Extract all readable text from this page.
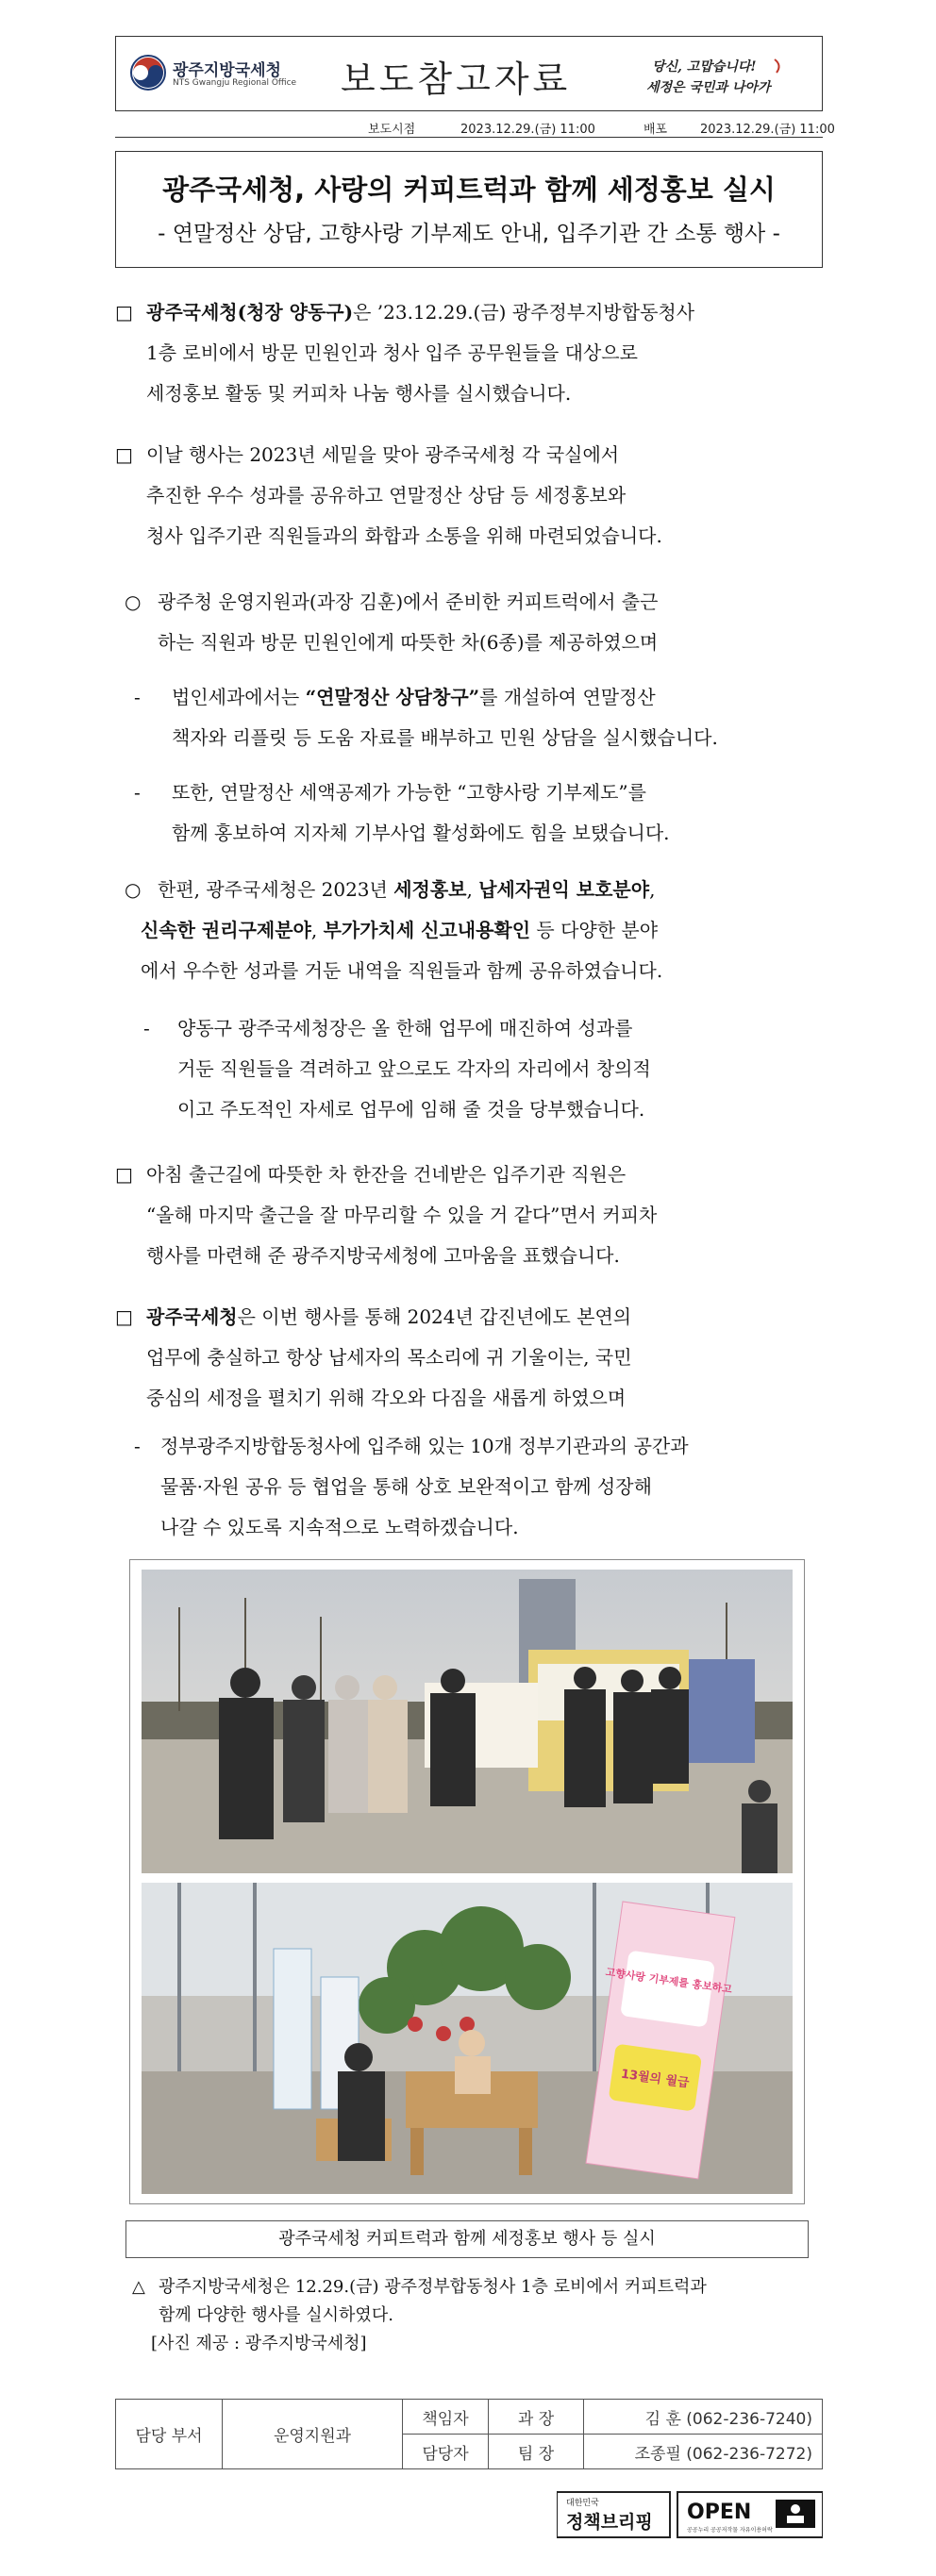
광주지방국세청
NTS Gwangju Regional Office 보도참고자료	당신, 고맙습니다!
세정은 국민과 나아가
보도시점	2023.12.29.(금) 11:00	배포	2023.12.29.(금) 11:00
광주국세청, 사랑의 커피트럭과 함께 세정홍보 실시
- 연말정산 상담, 고향사랑 기부제도 안내, 입주기관 간 소통 행사 -
□ 광주국세청(청장 양동구)은 ’23.12.29.(금) 광주정부지방합동청사
1층 로비에서 방문 민원인과 청사 입주 공무원들을 대상으로
세정홍보 활동 및 커피차 나눔 행사를 실시했습니다.
□ 이날 행사는 2023년 세밑을 맞아 광주국세청 각 국실에서
추진한 우수 성과를 공유하고 연말정산 상담 등 세정홍보와
청사 입주기관 직원들과의 화합과 소통을 위해 마련되었습니다.
○ 광주청 운영지원과(과장 김훈)에서 준비한 커피트럭에서 출근
하는 직원과 방문 민원인에게 따뜻한 차(6종)를 제공하였으며
- 법인세과에서는 “연말정산 상담창구”를 개설하여 연말정산
책자와 리플릿 등 도움 자료를 배부하고 민원 상담을 실시했습니다.
- 또한, 연말정산 세액공제가 가능한 “고향사랑 기부제도”를
함께 홍보하여 지자체 기부사업 활성화에도 힘을 보탰습니다.
○ 한편, 광주국세청은 2023년 세정홍보, 납세자권익 보호분야,
신속한 권리구제분야, 부가가치세 신고내용확인 등 다양한 분야
에서 우수한 성과를 거둔 내역을 직원들과 함께 공유하였습니다.
- 양동구 광주국세청장은 올 한해 업무에 매진하여 성과를
거둔 직원들을 격려하고 앞으로도 각자의 자리에서 창의적
이고 주도적인 자세로 업무에 임해 줄 것을 당부했습니다.
□ 아침 출근길에 따뜻한 차 한잔을 건네받은 입주기관 직원은
“올해 마지막 출근을 잘 마무리할 수 있을 거 같다”면서 커피차
행사를 마련해 준 광주지방국세청에 고마움을 표했습니다.
□ 광주국세청은 이번 행사를 통해 2024년 갑진년에도 본연의
업무에 충실하고 항상 납세자의 목소리에 귀 기울이는, 국민
중심의 세정을 펼치기 위해 각오와 다짐을 새롭게 하였으며
- 정부광주지방합동청사에 입주해 있는 10개 정부기관과의 공간과
물품·자원 공유 등 협업을 통해 상호 보완적이고 함께 성장해
나갈 수 있도록 지속적으로 노력하겠습니다.
고향사랑 기부제를 홍보하고
13월의 월급
광주국세청 커피트럭과 함께 세정홍보 행사 등 실시
△ 광주지방국세청은 12.29.(금) 광주정부합동청사 1층 로비에서 커피트럭과
함께 다양한 행사를 실시하였다.
[사진 제공 : 광주지방국세청]
담당 부서	운영지원과	책임자	과 장	김 훈 (062-236-7240)
		담당자	팀 장	조종필 (062-236-7272)
대한민국
정책브리핑 OPEN
공공누리 공공저작물 자유이용허락
